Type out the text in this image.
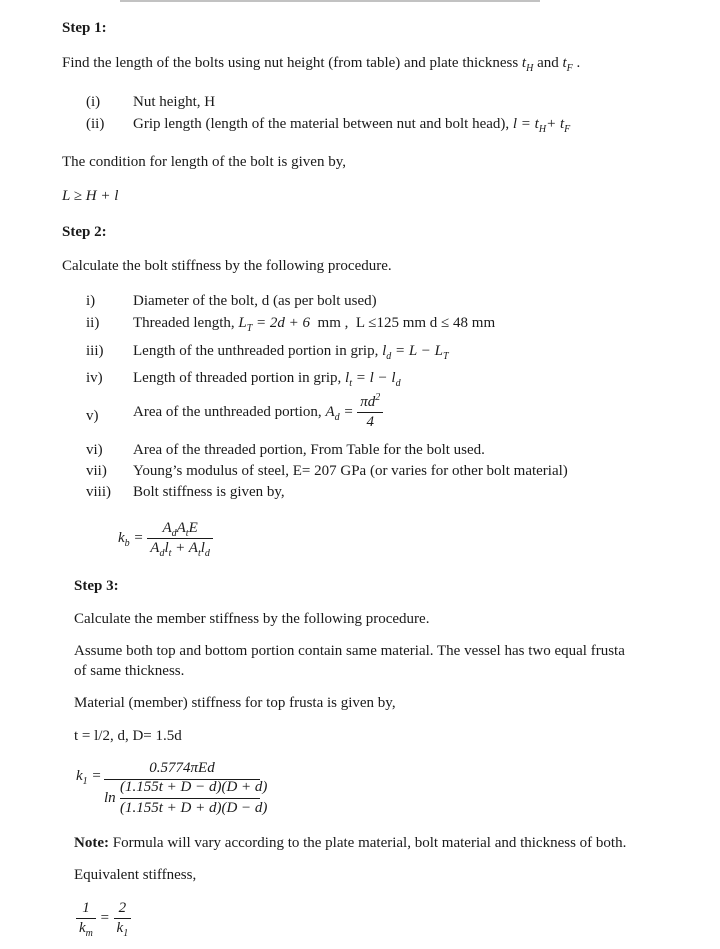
Step 1:
Find the length of the bolts using nut height (from table) and plate thickness $t_H$ and $t_F$ .
(i) Nut height, H
(ii) Grip length (length of the material between nut and bolt head), $l = t_H+ t_F$
The condition for length of the bolt is given by,
L ≥ H + l
Step 2:
Calculate the bolt stiffness by the following procedure.
i)	Diameter of the bolt, d (as per bolt used)
ii) Threaded length, $L_T = 2d + 6$  mm ,  L ≤125 mm d ≤ 48 mm
iii) Length of the unthreaded portion in grip, $l_d = L - L_T$
iv) Length of threaded portion in grip, $l_t = l - l_d$
v) Area of the unthreaded portion, $A_d = \frac{\pi d^2}{4}$
vi) Area of the threaded portion, From Table for the bolt used.
vii) Young’s modulus of steel, E= 207 GPa (or varies for other bolt material)
viii) Bolt stiffness is given by,
$k_b = \frac{A_dA_tE}{A_dl_t + A_tl_d}$
Step 3:
Calculate the member stiffness by the following procedure.
Assume both top and bottom portion contain same material. The vessel has two equal frusta
of same thickness.
Material (member) stiffness for top frusta is given by,
t = l/2, d, D= 1.5d
$k_1$ =	0.5774πEd
ln
(1.155t + D − d)(D + d)
(1.155t + D + d)(D − d)
Note: Formula will vary according to the plate material, bolt material and thickness of both.
Equivalent stiffness,
$\frac{1}{k_m} = \frac{2}{k_1}$
